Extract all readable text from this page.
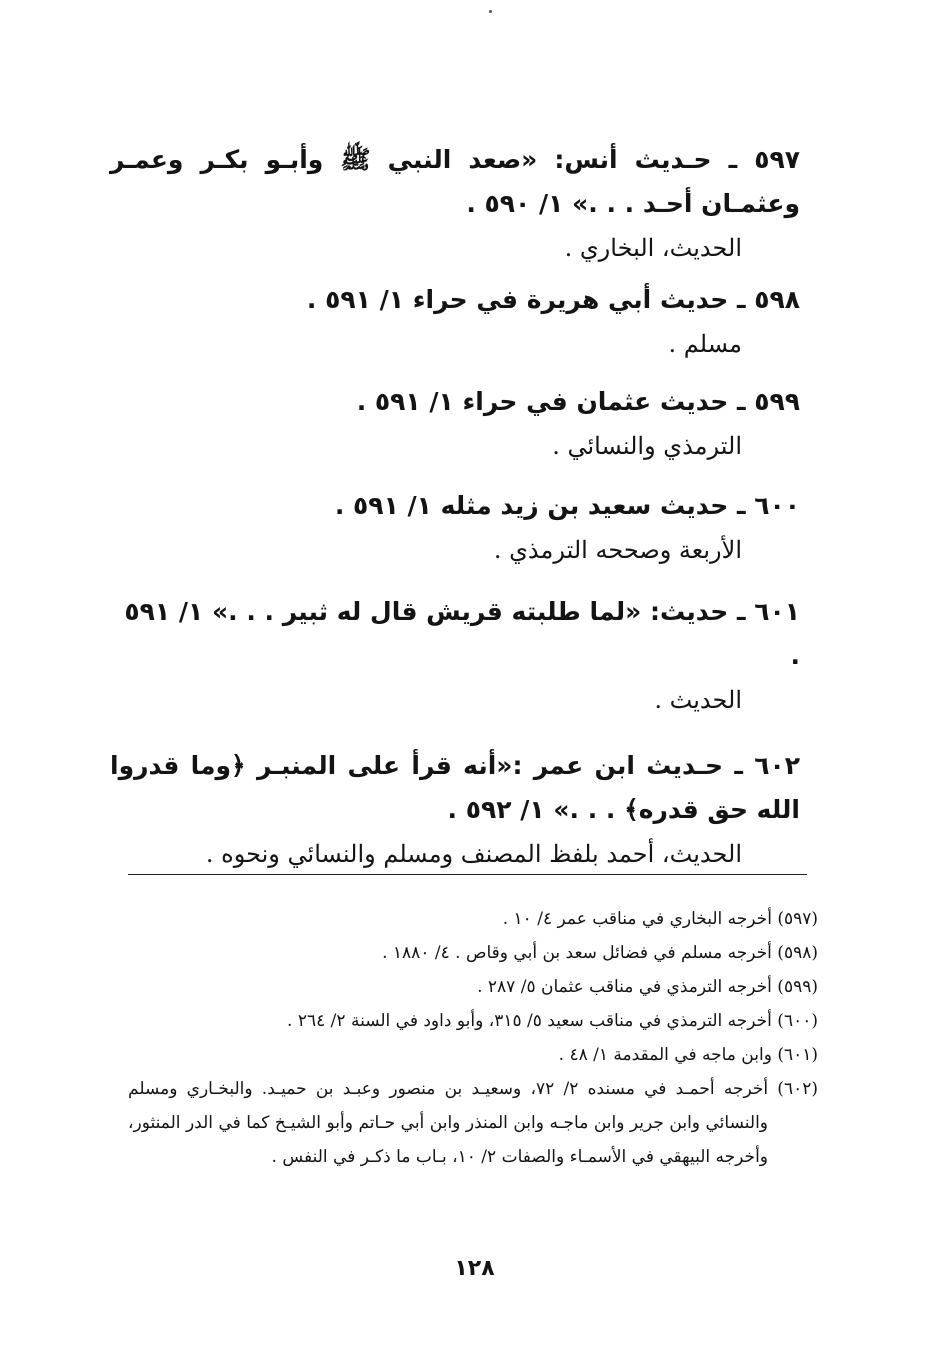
٥٩٧ ـ حـديث أنس: «صعد النبي ﷺ وأبـو بكـر وعمـر وعثمـان أحـد . . .» ١/ ٥٩٠ .

الحديث، البخاري .

٥٩٨ ـ حديث أبي هريرة في حراء ١/ ٥٩١ .

مسلم .

٥٩٩ ـ حديث عثمان في حراء ١/ ٥٩١ .

الترمذي والنسائي .

٦٠٠ ـ حديث سعيد بن زيد مثله ١/ ٥٩١ .

الأربعة وصححه الترمذي .

٦٠١ ـ حديث: «لما طلبته قريش قال له ثبير . . .» ١/ ٥٩١ .

الحديث .

٦٠٢ ـ حـديث ابن عمر :«أنه قرأ على المنبـر ﴿وما قدروا الله حق قدره﴾ . . .» ١/ ٥٩٢ .

الحديث، أحمد بلفظ المصنف ومسلم والنسائي ونحوه .

(٥٩٧) أخرجه البخاري في مناقب عمر ٤/ ١٠ .

(٥٩٨) أخرجه مسلم في فضائل سعد بن أبي وقاص . ٤/ ١٨٨٠ .

(٥٩٩) أخرجه الترمذي في مناقب عثمان ٥/ ٢٨٧ .

(٦٠٠) أخرجه الترمذي في مناقب سعيد ٥/ ٣١٥، وأبو داود في السنة ٢/ ٢٦٤ .

(٦٠١) وابن ماجه في المقدمة ١/ ٤٨ .

(٦٠٢) أخرجه أحمـد في مسنده ٢/ ٧٢، وسعيـد بن منصور وعبـد بن حميـد. والبخـاري ومسلم والنسائي وابن جرير وابن ماجـه وابن المنذر وابن أبي حـاتم وأبو الشيـخ كما في الدر المنثور، وأخرجه البيهقي في الأسمـاء والصفات ٢/ ١٠، بـاب ما ذكـر في النفس .

١٢٨
